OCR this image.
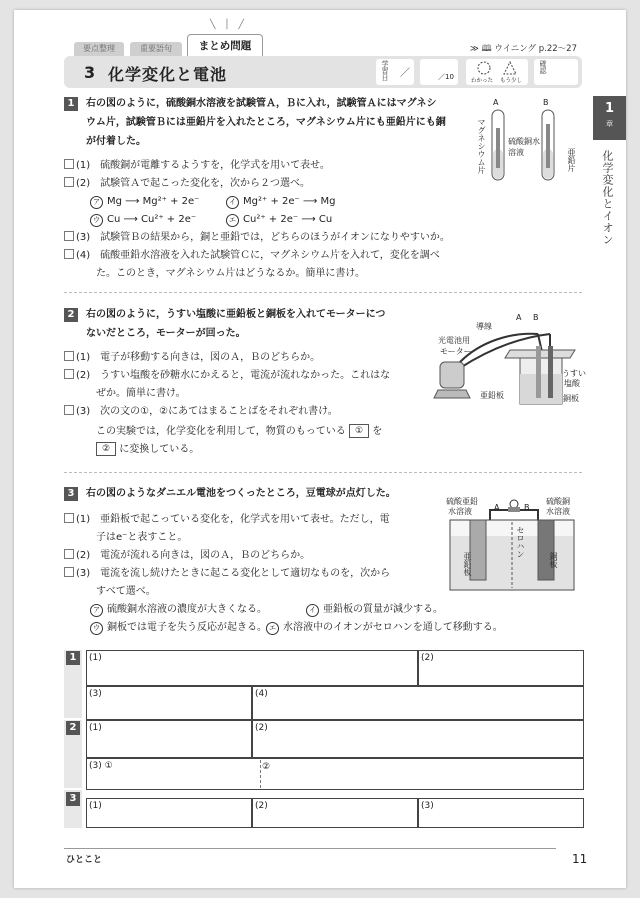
要点整理	重要語句
╲ │ ╱
まとめ問題	≫ 🕮 ウイニング p.22〜27
3 化学変化と電池	学習日 ／	／10	わかった もう少し
確認
1
章
化学変化とイオン
1	右の図のように，硫酸銅水溶液を試験管Ａ，Ｂに入れ，試験管Ａにはマグネシ
ウム片，試験管Ｂには亜鉛片を入れたところ，マグネシウム片にも亜鉛片にも銅
が付着した。
(1)　硫酸銅が電離するようすを，化学式を用いて表せ。
(2)　試験管Ａで起こった変化を，次から２つ選べ。
ア Mg ⟶ Mg²⁺ + 2e⁻	イ Mg²⁺ + 2e⁻ ⟶ Mg
ウ Cu ⟶ Cu²⁺ + 2e⁻	エ Cu²⁺ + 2e⁻ ⟶ Cu
(3)　試験管Ｂの結果から，銅と亜鉛では，どちらのほうがイオンになりやすいか。
(4)　硫酸亜鉛水溶液を入れた試験管Ｃに，マグネシウム片を入れて，変化を調べ
た。このとき，マグネシウム片はどうなるか。簡単に書け。
A	B
マグネシウム片	硫酸銅水溶液	亜鉛片
2	右の図のように，うすい塩酸に亜鉛板と銅板を入れてモーターにつ
ないだところ，モーターが回った。
(1)　電子が移動する向きは，図のＡ，Ｂのどちらか。
(2)　うすい塩酸を砂糖水にかえると，電流が流れなかった。これはな
ぜか。簡単に書け。
(3)　次の文の①，②にあてはまることばをそれぞれ書け。
この実験では，化学変化を利用して，物質のもっている ① を
② に変換している。
導線
A B
光電池用
モーター
うすい
塩酸
亜鉛板	銅板
3	右の図のようなダニエル電池をつくったところ，豆電球が点灯した。
(1)　亜鉛板で起こっている変化を，化学式を用いて表せ。ただし，電
子はe⁻と表すこと。
(2)　電流が流れる向きは，図のＡ，Ｂのどちらか。
(3)　電流を流し続けたときに起こる変化として適切なものを，次から
すべて選べ。
ア 硫酸銅水溶液の濃度が大きくなる。	イ 亜鉛板の質量が減少する。
ウ 銅板では電子を失う反応が起きる。 エ 水溶液中のイオンがセロハンを通して移動する。
硫酸亜鉛
水溶液
硫酸銅
水溶液
A	B
亜鉛板	銅板
セロハン
1	(1)	(2)
(3)	(4)
2	(1)	(2)
(3) ①	②
3
(1)	(2)	(3)
ひとこと	11
